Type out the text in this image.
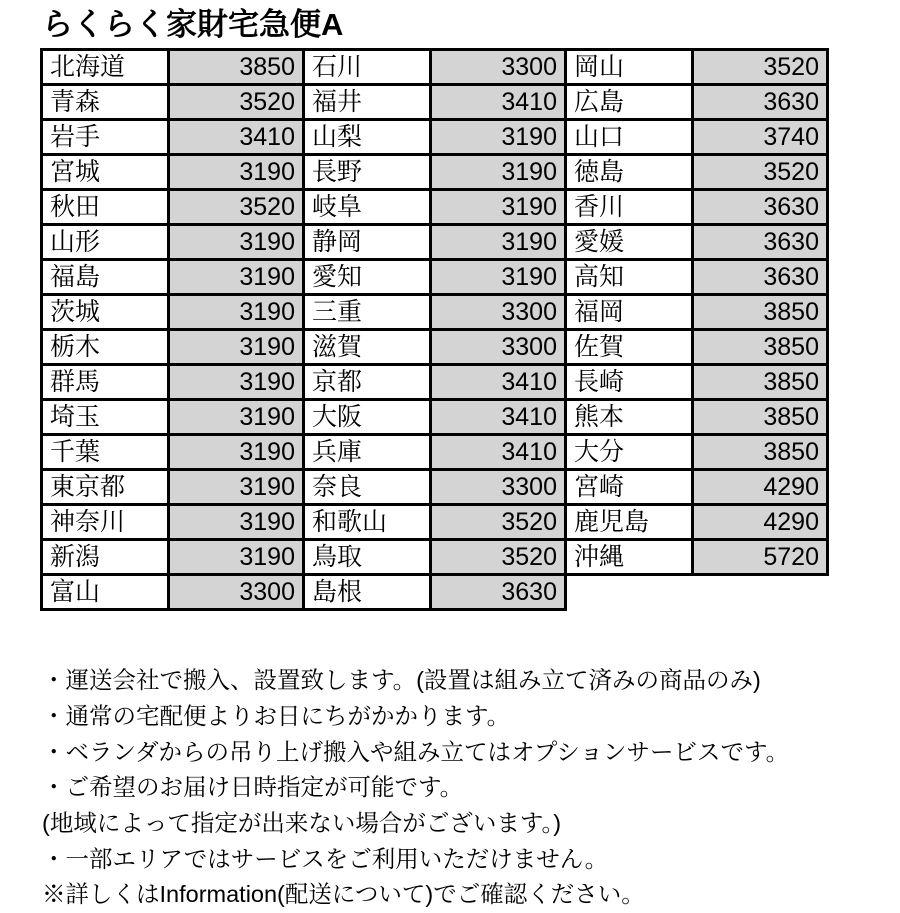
らくらく家財宅急便A
北海道	3850	石川	3300	岡山	3520
青森	3520	福井	3410	広島	3630
岩手	3410	山梨	3190	山口	3740
宮城	3190	長野	3190	徳島	3520
秋田	3520	岐阜	3190	香川	3630
山形	3190	静岡	3190	愛媛	3630
福島	3190	愛知	3190	高知	3630
茨城	3190	三重	3300	福岡	3850
栃木	3190	滋賀	3300	佐賀	3850
群馬	3190	京都	3410	長崎	3850
埼玉	3190	大阪	3410	熊本	3850
千葉	3190	兵庫	3410	大分	3850
東京都	3190	奈良	3300	宮崎	4290
神奈川	3190	和歌山	3520	鹿児島	4290
新潟	3190	鳥取	3520	沖縄	5720
富山	3300	島根	3630		
・運送会社で搬入、設置致します。(設置は組み立て済みの商品のみ)
・通常の宅配便よりお日にちがかかります。
・ベランダからの吊り上げ搬入や組み立てはオプションサービスです。
・ご希望のお届け日時指定が可能です。
(地域によって指定が出来ない場合がございます。)
・一部エリアではサービスをご利用いただけません。
※詳しくはInformation(配送について)でご確認ください。
